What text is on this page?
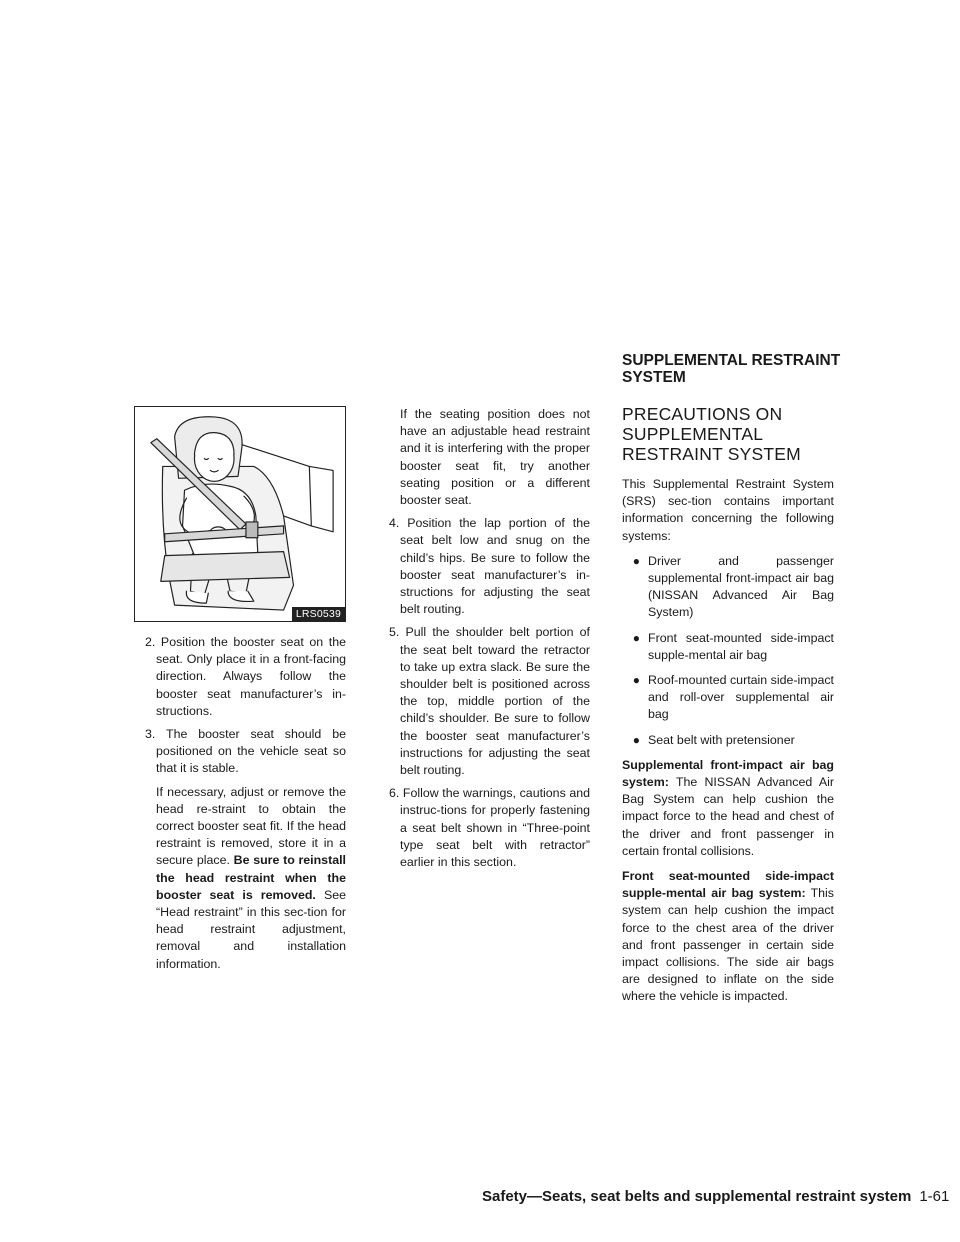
LRS0539

2. Position the booster seat on the seat. Only place it in a front-facing direction. Always follow the booster seat manufacturer’s in-structions.

3. The booster seat should be positioned on the vehicle seat so that it is stable.

If necessary, adjust or remove the head re-straint to obtain the correct booster seat fit. If the head restraint is removed, store it in a secure place. Be sure to reinstall the head restraint when the booster seat is removed. See “Head restraint” in this sec-tion for head restraint adjustment, removal and installation information.

If the seating position does not have an adjustable head restraint and it is interfering with the proper booster seat fit, try another seating position or a different booster seat.

4. Position the lap portion of the seat belt low and snug on the child’s hips. Be sure to follow the booster seat manufacturer’s in-structions for adjusting the seat belt routing.

5. Pull the shoulder belt portion of the seat belt toward the retractor to take up extra slack. Be sure the shoulder belt is positioned across the top, middle portion of the child’s shoulder. Be sure to follow the booster seat manufacturer’s instructions for adjusting the seat belt routing.

6. Follow the warnings, cautions and instruc-tions for properly fastening a seat belt shown in “Three-point type seat belt with retractor” earlier in this section.

SUPPLEMENTAL RESTRAINT SYSTEM
PRECAUTIONS ON SUPPLEMENTAL RESTRAINT SYSTEM

This Supplemental Restraint System (SRS) sec-tion contains important information concerning the following systems:

● Driver and passenger supplemental front-impact air bag (NISSAN Advanced Air Bag System)

● Front seat-mounted side-impact supple-mental air bag

● Roof-mounted curtain side-impact and roll-over supplemental air bag

● Seat belt with pretensioner

Supplemental front-impact air bag system: The NISSAN Advanced Air Bag System can help cushion the impact force to the head and chest of the driver and front passenger in certain frontal collisions.

Front seat-mounted side-impact supple-mental air bag system: This system can help cushion the impact force to the chest area of the driver and front passenger in certain side impact collisions. The side air bags are designed to inflate on the side where the vehicle is impacted.

Safety—Seats, seat belts and supplemental restraint system 1-61
